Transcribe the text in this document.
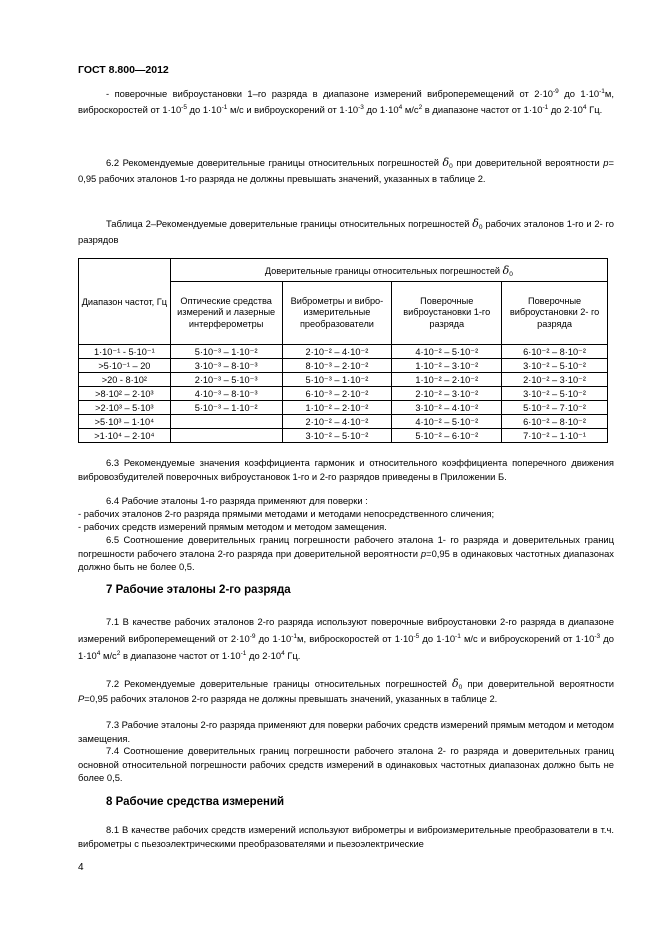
ГОСТ 8.800—2012
- поверочные виброустановки 1–го разряда в диапазоне измерений виброперемещений от $2\cdot 10^{-9}$ до $1\cdot 10^{-1}м$, виброскоростей от $1\cdot 10^{-5}$ до $1\cdot 10^{-1}$ м/с и виброускорений от $1\cdot 10^{-3}$ до $1\cdot 10^4$ $м/с^2$ в диапазоне частот от $1\cdot 10^{-1}$ до $2\cdot 10^4$ Гц.
6.2 Рекомендуемые доверительные границы относительных погрешностей $\delta_0$ при доверительной вероятности р= 0,95 рабочих эталонов 1-го разряда не должны превышать значений, указанных в таблице 2.
Таблица 2–Рекомендуемые доверительные границы относительных погрешностей $\delta_0$ рабочих эталонов 1-го и 2- го разрядов
Диапазон частот, Гц	Доверительные границы относительных погрешностей $\delta_0$
	Оптические средства измерений и лазерные интерферометры	Виброметры и вибро-измерительные преобразователи	Поверочные виброустановки 1-го разряда	Поверочные виброустановки 2- го разряда
1·10⁻¹ - 5·10⁻¹	5·10⁻³ – 1·10⁻²	2·10⁻² – 4·10⁻²	4·10⁻² – 5·10⁻²	6·10⁻² – 8·10⁻²
>5·10⁻¹ – 20	3·10⁻³ – 8·10⁻³	8·10⁻³ – 2·10⁻²	1·10⁻² – 3·10⁻²	3·10⁻² – 5·10⁻²
>20 - 8·10²	2·10⁻³ – 5·10⁻³	5·10⁻³ – 1·10⁻²	1·10⁻² – 2·10⁻²	2·10⁻² – 3·10⁻²
>8·10² – 2·10³	4·10⁻³ – 8·10⁻³	6·10⁻³ – 2·10⁻²	2·10⁻² – 3·10⁻²	3·10⁻² – 5·10⁻²
>2·10³ – 5·10³	5·10⁻³ – 1·10⁻²	1·10⁻² – 2·10⁻²	3·10⁻² – 4·10⁻²	5·10⁻² – 7·10⁻²
>5·10³ – 1·10⁴		2·10⁻² – 4·10⁻²	4·10⁻² – 5·10⁻²	6·10⁻² – 8·10⁻²
>1·10⁴ – 2·10⁴		3·10⁻² – 5·10⁻²	5·10⁻² – 6·10⁻²	7·10⁻² – 1·10⁻¹
6.3 Рекомендуемые значения коэффициента гармоник и относительного коэффициента поперечного движения вибровозбудителей поверочных виброустановок 1-го и 2-го разрядов приведены в Приложении Б.
6.4 Рабочие эталоны 1-го разряда применяют для поверки :
- рабочих эталонов 2-го разряда прямыми методами и методами непосредственного сличения;
- рабочих средств измерений прямым методом и методом замещения.
6.5 Соотношение доверительных границ погрешности рабочего эталона 1- го разряда и доверительных границ погрешности рабочего эталона 2-го разряда при доверительной вероятности р=0,95 в одинаковых частотных диапазонах должно быть не более 0,5.
7 Рабочие эталоны 2-го разряда
7.1 В качестве рабочих эталонов 2-го разряда используют поверочные виброустановки 2-го разряда в диапазоне измерений виброперемещений от $2\cdot 10^{-9}$ до $1\cdot 10^{-1}м$, виброскоростей от $1\cdot 10^{-5}$ до $1\cdot 10^{-1}$ м/с и виброускорений от $1\cdot 10^{-3}$ до $1\cdot 10^4$ $м/с^2$ в диапазоне частот от $1\cdot 10^{-1}$ до $2\cdot 10^4$ Гц.
7.2 Рекомендуемые доверительные границы относительных погрешностей $\delta_0$ при доверительной вероятности Р=0,95 рабочих эталонов 2-го разряда не должны превышать значений, указанных в таблице 2.
7.3 Рабочие эталоны 2-го разряда применяют для поверки рабочих средств измерений прямым методом и методом замещения.
7.4 Соотношение доверительных границ погрешности рабочего эталона 2- го разряда и доверительных границ основной относительной погрешности рабочих средств измерений в одинаковых частотных диапазонах должно быть не более 0,5.
8 Рабочие средства измерений
8.1 В качестве рабочих средств измерений используют виброметры и виброизмерительные преобразователи в т.ч. виброметры с пьезоэлектрическими преобразователями и пьезоэлектрические
4
